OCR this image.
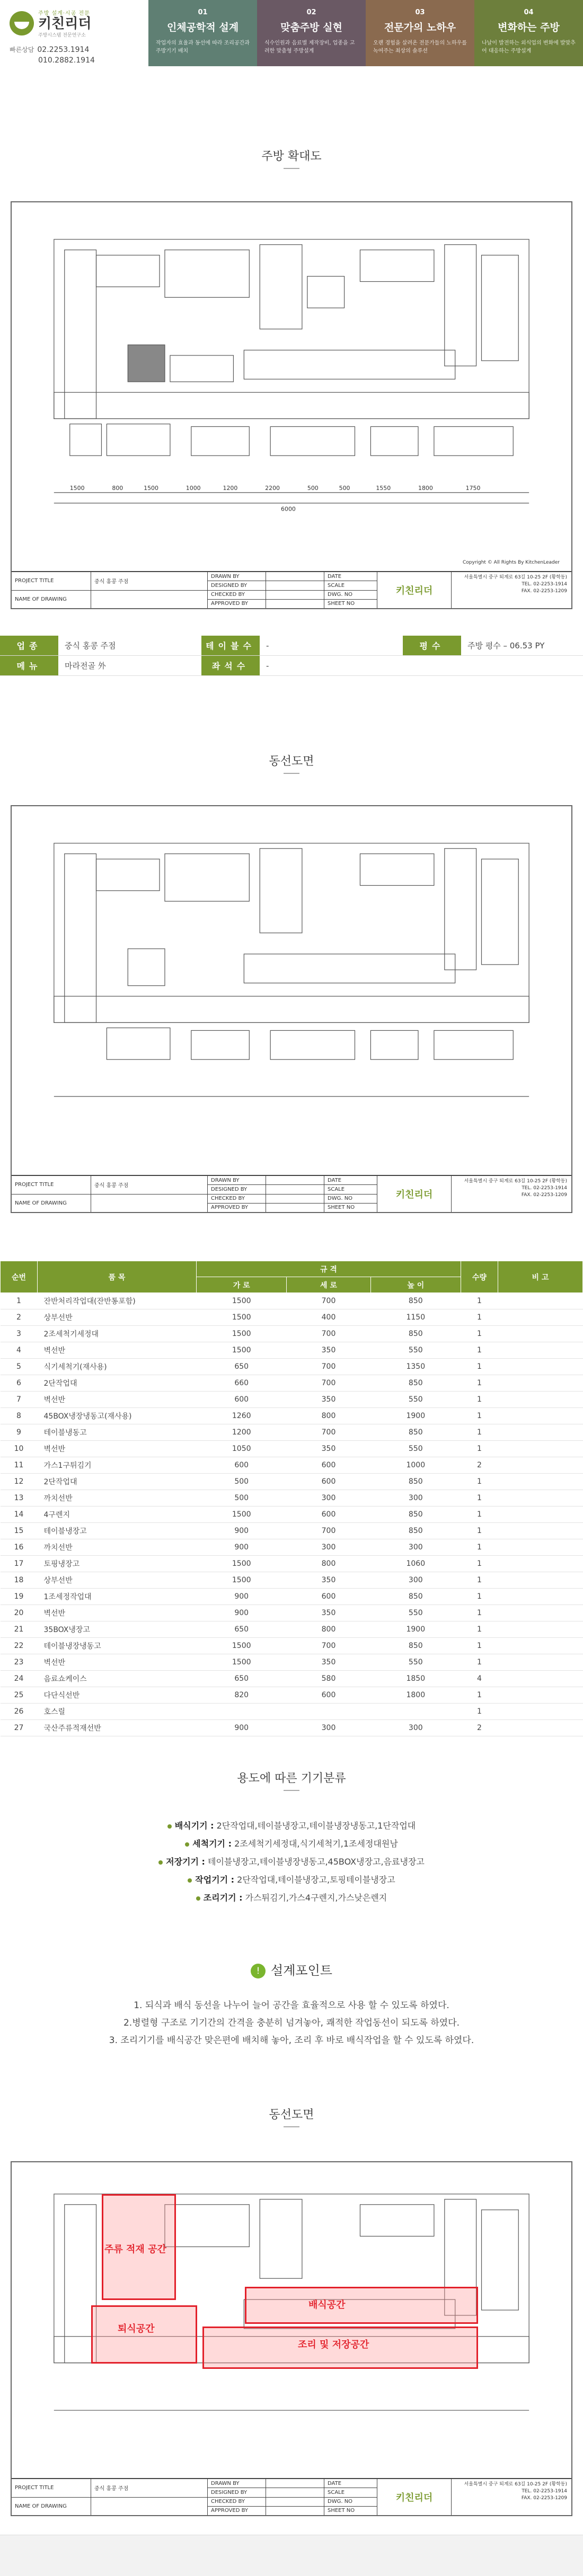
주방 설계·시공 전문
키친리더
주방시스템 전문연구소
빠른상담 02.2253.1914
010.2882.1914
01
인체공학적 설계
작업자의 효율과 동선에 따라 조리공간과 주방기기 배치
02
맞춤주방 실현
식수인원과 음료별 제작장비, 업종을 고려한 맞춤형 주방설계
03
전문가의 노하우
오랜 경험을 살려온 전문가들의 노하우를 녹여주는 최상의 솔루션
04
변화하는 주방
나날이 발전하는 외식업의 변화에 발맞추어 대응하는 주방설계
주방 확대도
1500	800	1500	1000	1200	2200	500	500	1550
6000
1800	1750
Copyright © All Rights By KitchenLeader
PROJECT TITLE
NAME OF DRAWING
중식 홍콩 주점
DRAWN BY
DESIGNED BY
CHECKED BY
APPROVED BY
DATE
SCALE
DWG. NO
SHEET NO
키친리더
서울특별시 중구 퇴계로 63길 10-25 2F (황학동)
TEL. 02-2253-1914
FAX. 02-2253-1209
업종	중식 홍콩 주점	테이블수	-	평수	주방 평수 – 06.53 PY
메뉴	마라전골 外	좌석수	-
동선도면
PROJECT TITLE
NAME OF DRAWING
중식 홍콩 주점
DRAWN BY
DESIGNED BY
CHECKED BY
APPROVED BY
DATE
SCALE
DWG. NO
SHEET NO
키친리더
서울특별시 중구 퇴계로 63길 10-25 2F (황학동)
TEL. 02-2253-1914
FAX. 02-2253-1209
순번	품 목	규 격			수량	비 고
		가 로	세 로	높 이		
1	잔반처리작업대(잔반통포함)	1500	700	850	1	
2	상부선반	1500	400	1150	1	
3	2조세척기세정대	1500	700	850	1	
4	벽선반	1500	350	550	1	
5	식기세척기(재사용)	650	700	1350	1	
6	2단작업대	660	700	850	1	
7	벽선반	600	350	550	1	
8	45BOX냉장냉동고(재사용)	1260	800	1900	1	
9	테이블냉동고	1200	700	850	1	
10	벽선반	1050	350	550	1	
11	가스1구튀김기	600	600	1000	2	
12	2단작업대	500	600	850	1	
13	까치선반	500	300	300	1	
14	4구렌지	1500	600	850	1	
15	테이블냉장고	900	700	850	1	
16	까치선반	900	300	300	1	
17	토핑냉장고	1500	800	1060	1	
18	상부선반	1500	350	300	1	
19	1조세정작업대	900	600	850	1	
20	벽선반	900	350	550	1	
21	35BOX냉장고	650	800	1900	1	
22	테이블냉장냉동고	1500	700	850	1	
23	벽선반	1500	350	550	1	
24	음료쇼케이스	650	580	1850	4	
25	다단식선반	820	600	1800	1	
26	호스릴				1	
27	국산주류적재선반	900	300	300	2	
용도에 따른 기기분류
배식기기 : 2단작업대,테이블냉장고,테이블냉장냉동고,1단작업대
세척기기 : 2조세척기세정대,식기세척기,1조세정대원남
저장기기 : 테이블냉장고,테이블냉장냉동고,45BOX냉장고,음료냉장고
작업기기 : 2단작업대,테이블냉장고,토핑테이블냉장고
조리기기 : 가스튀김기,가스4구렌지,가스낮은렌지
! 설계포인트
1. 되식과 배식 동선을 나누어 늘어 공간을 효율적으로 사용 할 수 있도록 하였다.
2.병렬형 구조로 기기간의 간격을 충분히 넘겨놓아, 쾌적한 작업동선이 되도록 하였다.
3. 조리기기를 배식공간 맞은편에 배치해 놓아, 조리 후 바로 배식작업을 할 수 있도록 하였다.
동선도면
주류 적재 공간
퇴식공간
배식공간
조리 및 저장공간
PROJECT TITLE
NAME OF DRAWING
중식 홍콩 주점
DRAWN BY
DESIGNED BY
CHECKED BY
APPROVED BY
DATE
SCALE
DWG. NO
SHEET NO
키친리더
서울특별시 중구 퇴계로 63길 10-25 2F (황학동)
TEL. 02-2253-1914
FAX. 02-2253-1209
